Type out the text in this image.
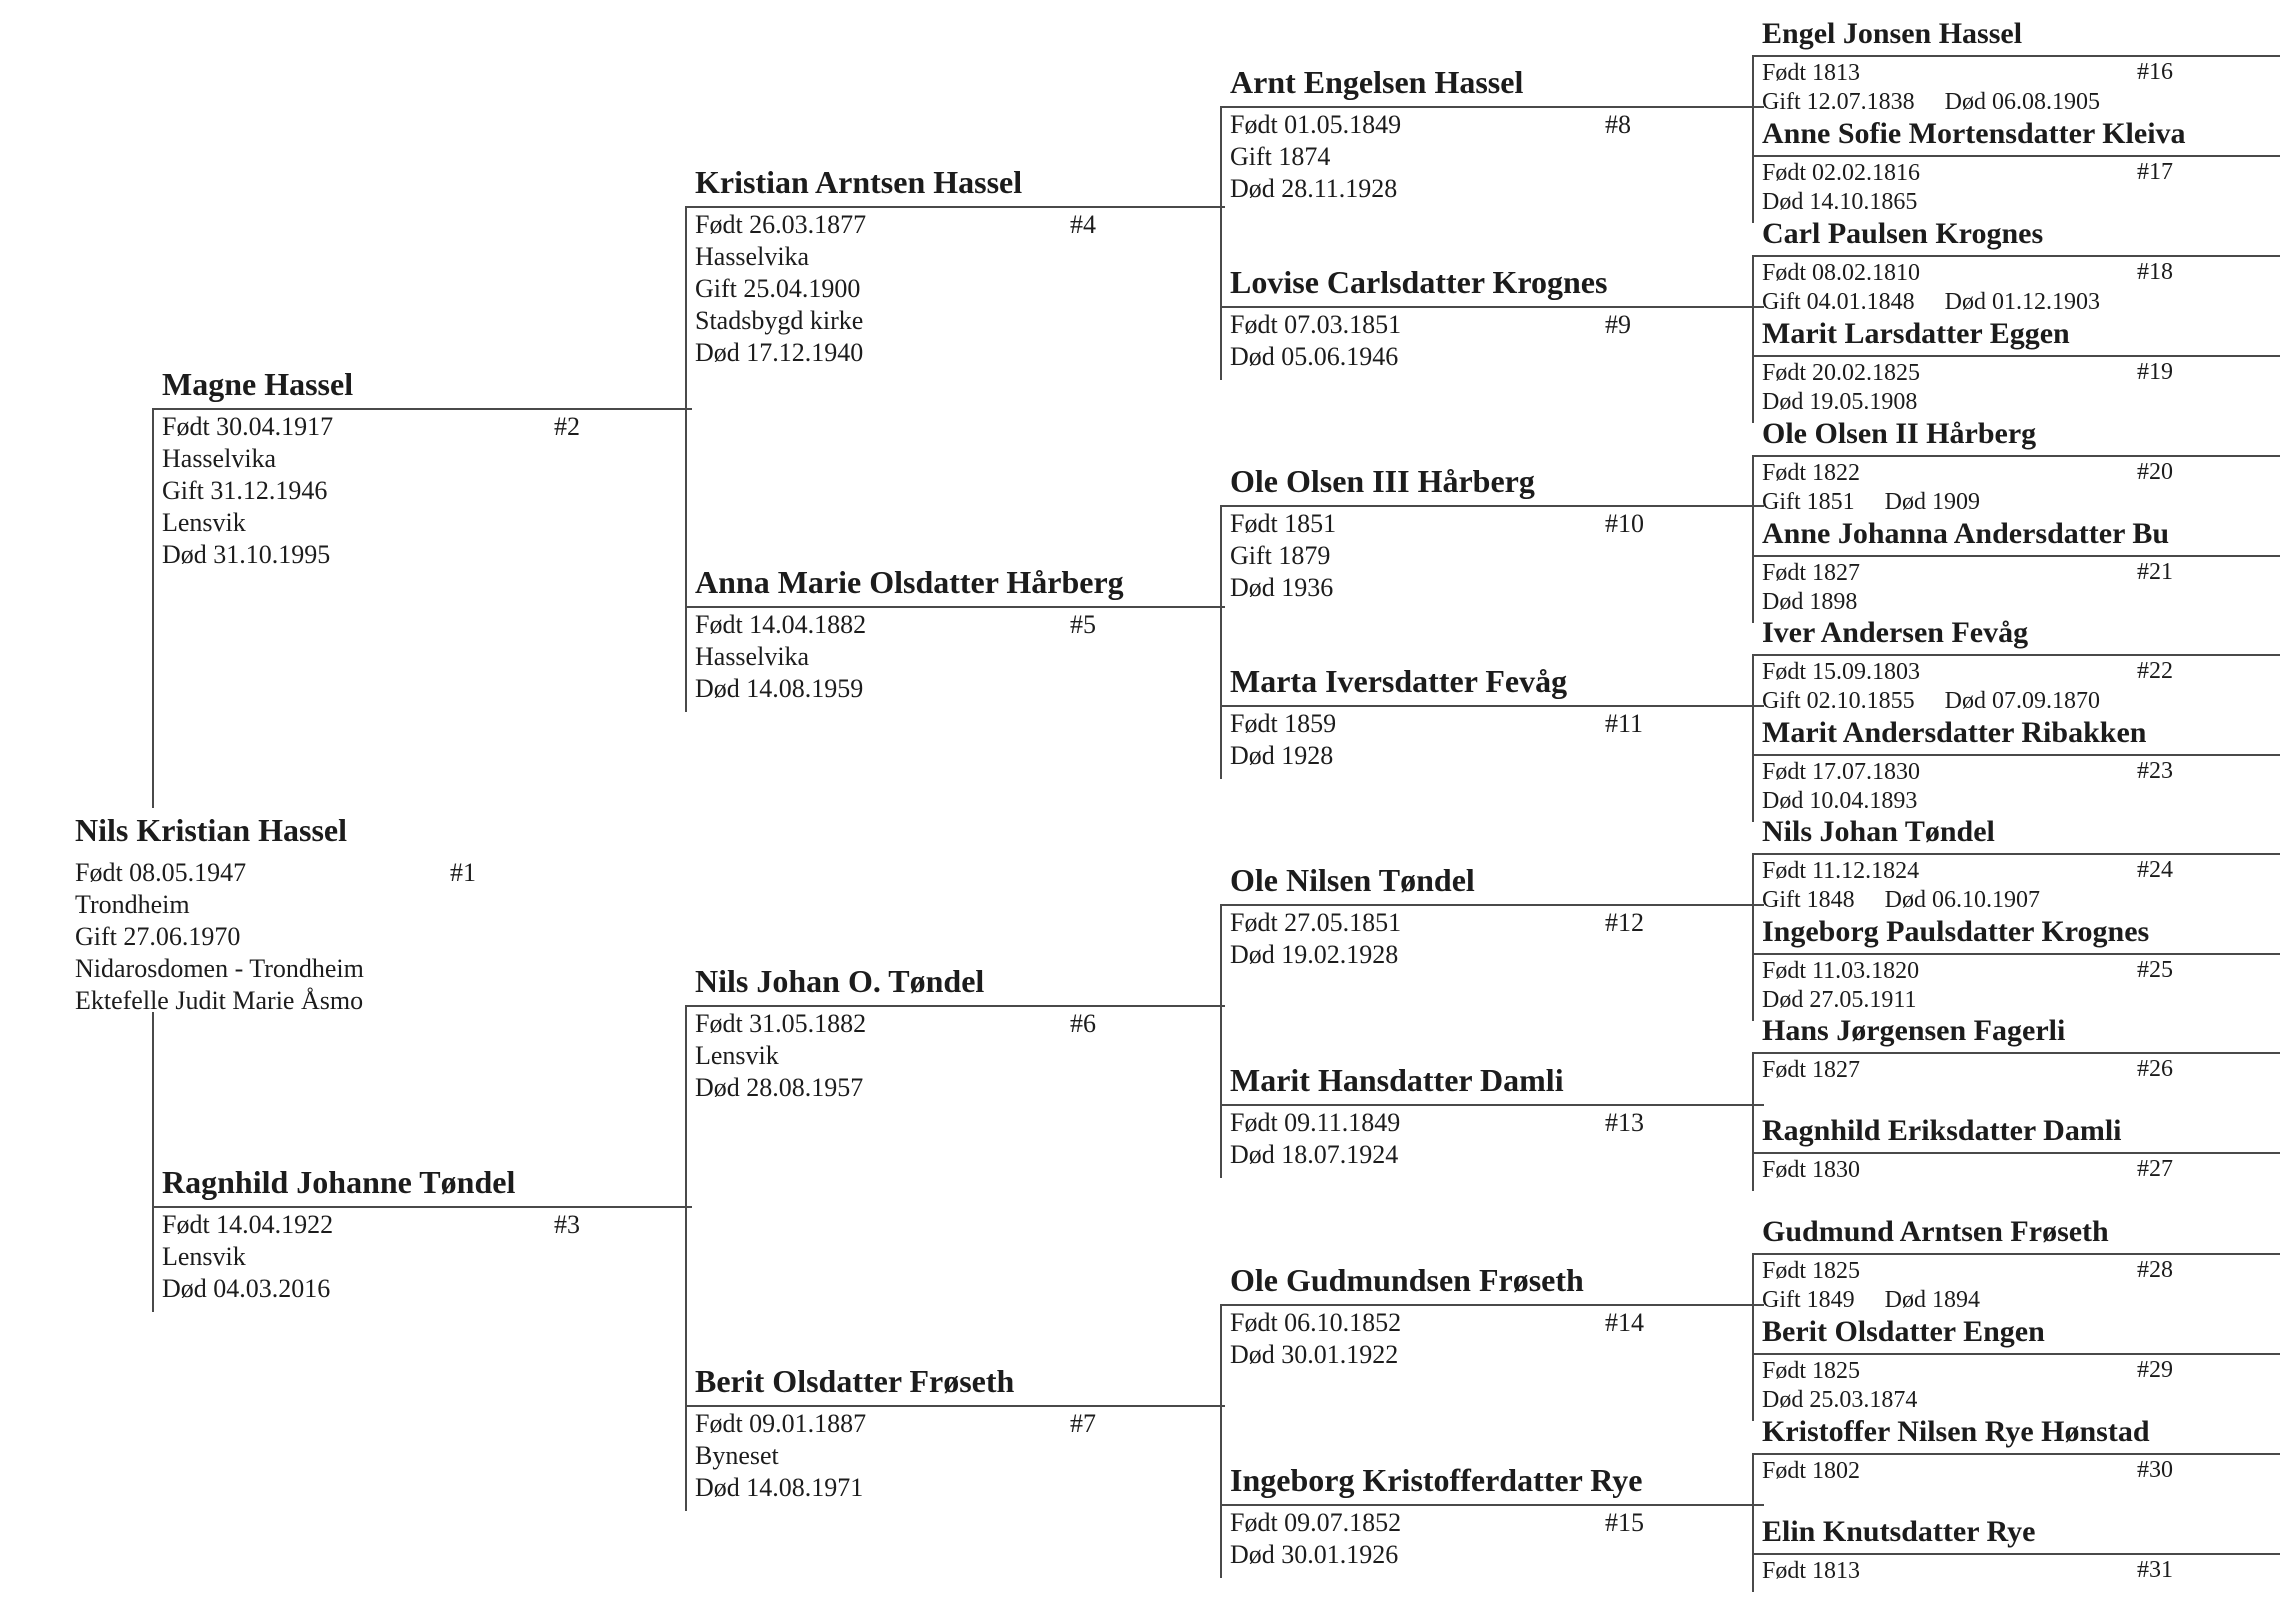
Nils Kristian Hassel
#1
Født 08.05.1947
Trondheim
Gift 27.06.1970
Nidarosdomen - Trondheim
Ektefelle Judit Marie Åsmo
Magne Hassel
#2
Født 30.04.1917
Hasselvika
Gift 31.12.1946
Lensvik
Død 31.10.1995
Ragnhild Johanne Tøndel
#3
Født 14.04.1922
Lensvik
Død 04.03.2016
Kristian Arntsen Hassel
#4
Født 26.03.1877
Hasselvika
Gift 25.04.1900
Stadsbygd kirke
Død 17.12.1940
Anna Marie Olsdatter Hårberg
#5
Født 14.04.1882
Hasselvika
Død 14.08.1959
Nils Johan O. Tøndel
#6
Født 31.05.1882
Lensvik
Død 28.08.1957
Berit Olsdatter Frøseth
#7
Født 09.01.1887
Byneset
Død 14.08.1971
Arnt Engelsen Hassel
#8
Født 01.05.1849
Gift 1874
Død 28.11.1928
Lovise Carlsdatter Krognes
#9
Født 07.03.1851
Død 05.06.1946
Ole Olsen III Hårberg
#10
Født 1851
Gift 1879
Død 1936
Marta Iversdatter Fevåg
#11
Født 1859
Død 1928
Ole Nilsen Tøndel
#12
Født 27.05.1851
Død 19.02.1928
Marit Hansdatter Damli
#13
Født 09.11.1849
Død 18.07.1924
Ole Gudmundsen Frøseth
#14
Født 06.10.1852
Død 30.01.1922
Ingeborg Kristofferdatter Rye
#15
Født 09.07.1852
Død 30.01.1926
Engel Jonsen Hassel
#16
Født 1813
Gift 12.07.1838     Død 06.08.1905
Anne Sofie Mortensdatter Kleiva
#17
Født 02.02.1816
Død 14.10.1865
Carl Paulsen Krognes
#18
Født 08.02.1810
Gift 04.01.1848     Død 01.12.1903
Marit Larsdatter Eggen
#19
Født 20.02.1825
Død 19.05.1908
Ole Olsen II Hårberg
#20
Født 1822
Gift 1851     Død 1909
Anne Johanna Andersdatter Bu
#21
Født 1827
Død 1898
Iver Andersen Fevåg
#22
Født 15.09.1803
Gift 02.10.1855     Død 07.09.1870
Marit Andersdatter Ribakken
#23
Født 17.07.1830
Død 10.04.1893
Nils Johan Tøndel
#24
Født 11.12.1824
Gift 1848     Død 06.10.1907
Ingeborg Paulsdatter Krognes
#25
Født 11.03.1820
Død 27.05.1911
Hans Jørgensen Fagerli
#26
Født 1827
Ragnhild Eriksdatter Damli
#27
Født 1830
Gudmund Arntsen Frøseth
#28
Født 1825
Gift 1849     Død 1894
Berit Olsdatter Engen
#29
Født 1825
Død 25.03.1874
Kristoffer Nilsen Rye Hønstad
#30
Født 1802
Elin Knutsdatter Rye
#31
Født 1813
